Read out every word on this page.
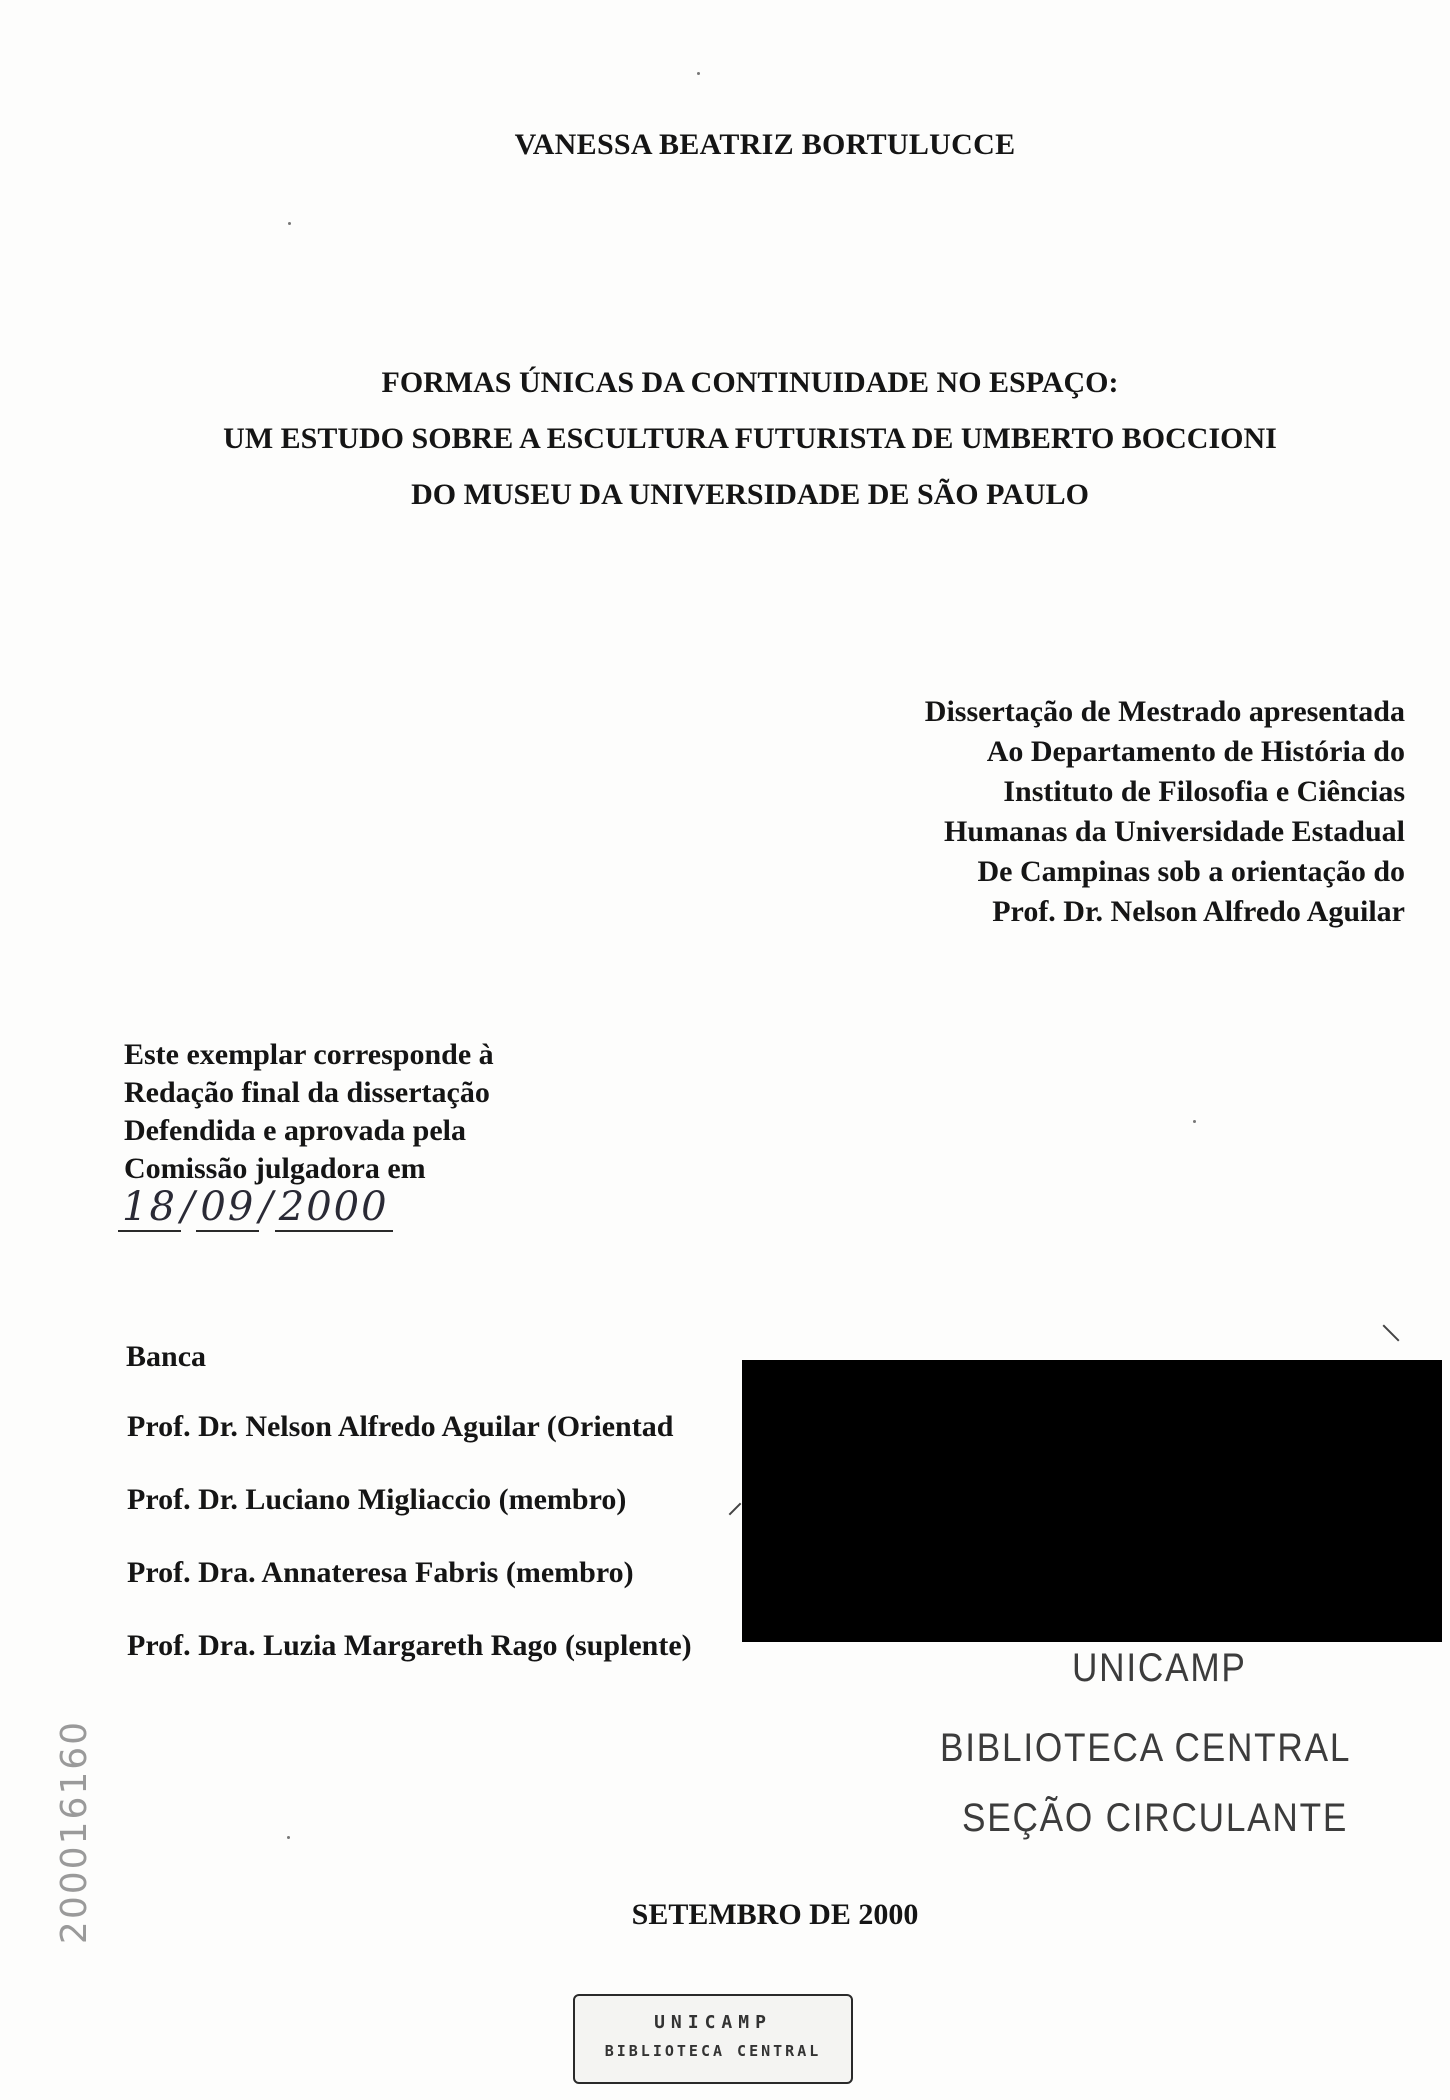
VANESSA BEATRIZ BORTULUCCE
FORMAS ÚNICAS DA CONTINUIDADE NO ESPAÇO:
UM ESTUDO SOBRE A ESCULTURA FUTURISTA DE UMBERTO BOCCIONI
DO MUSEU DA UNIVERSIDADE DE SÃO PAULO
Dissertação de Mestrado apresentada
Ao Departamento de História do
Instituto de Filosofia e Ciências
Humanas da Universidade Estadual
De Campinas sob a orientação do
Prof. Dr. Nelson Alfredo Aguilar
Este exemplar corresponde à
Redação final da dissertação
Defendida e aprovada pela
Comissão julgadora em
18 / 09 / 2000
Banca
Prof. Dr. Nelson Alfredo Aguilar (Orientad
Prof. Dr. Luciano Migliaccio (membro)
Prof. Dra. Annateresa Fabris (membro)
Prof. Dra. Luzia Margareth Rago (suplente)
UNICAMP
BIBLIOTECA CENTRAL
SEÇÃO CIRCULANTE
SETEMBRO DE 2000
200016160
UNICAMP
BIBLIOTECA CENTRAL
